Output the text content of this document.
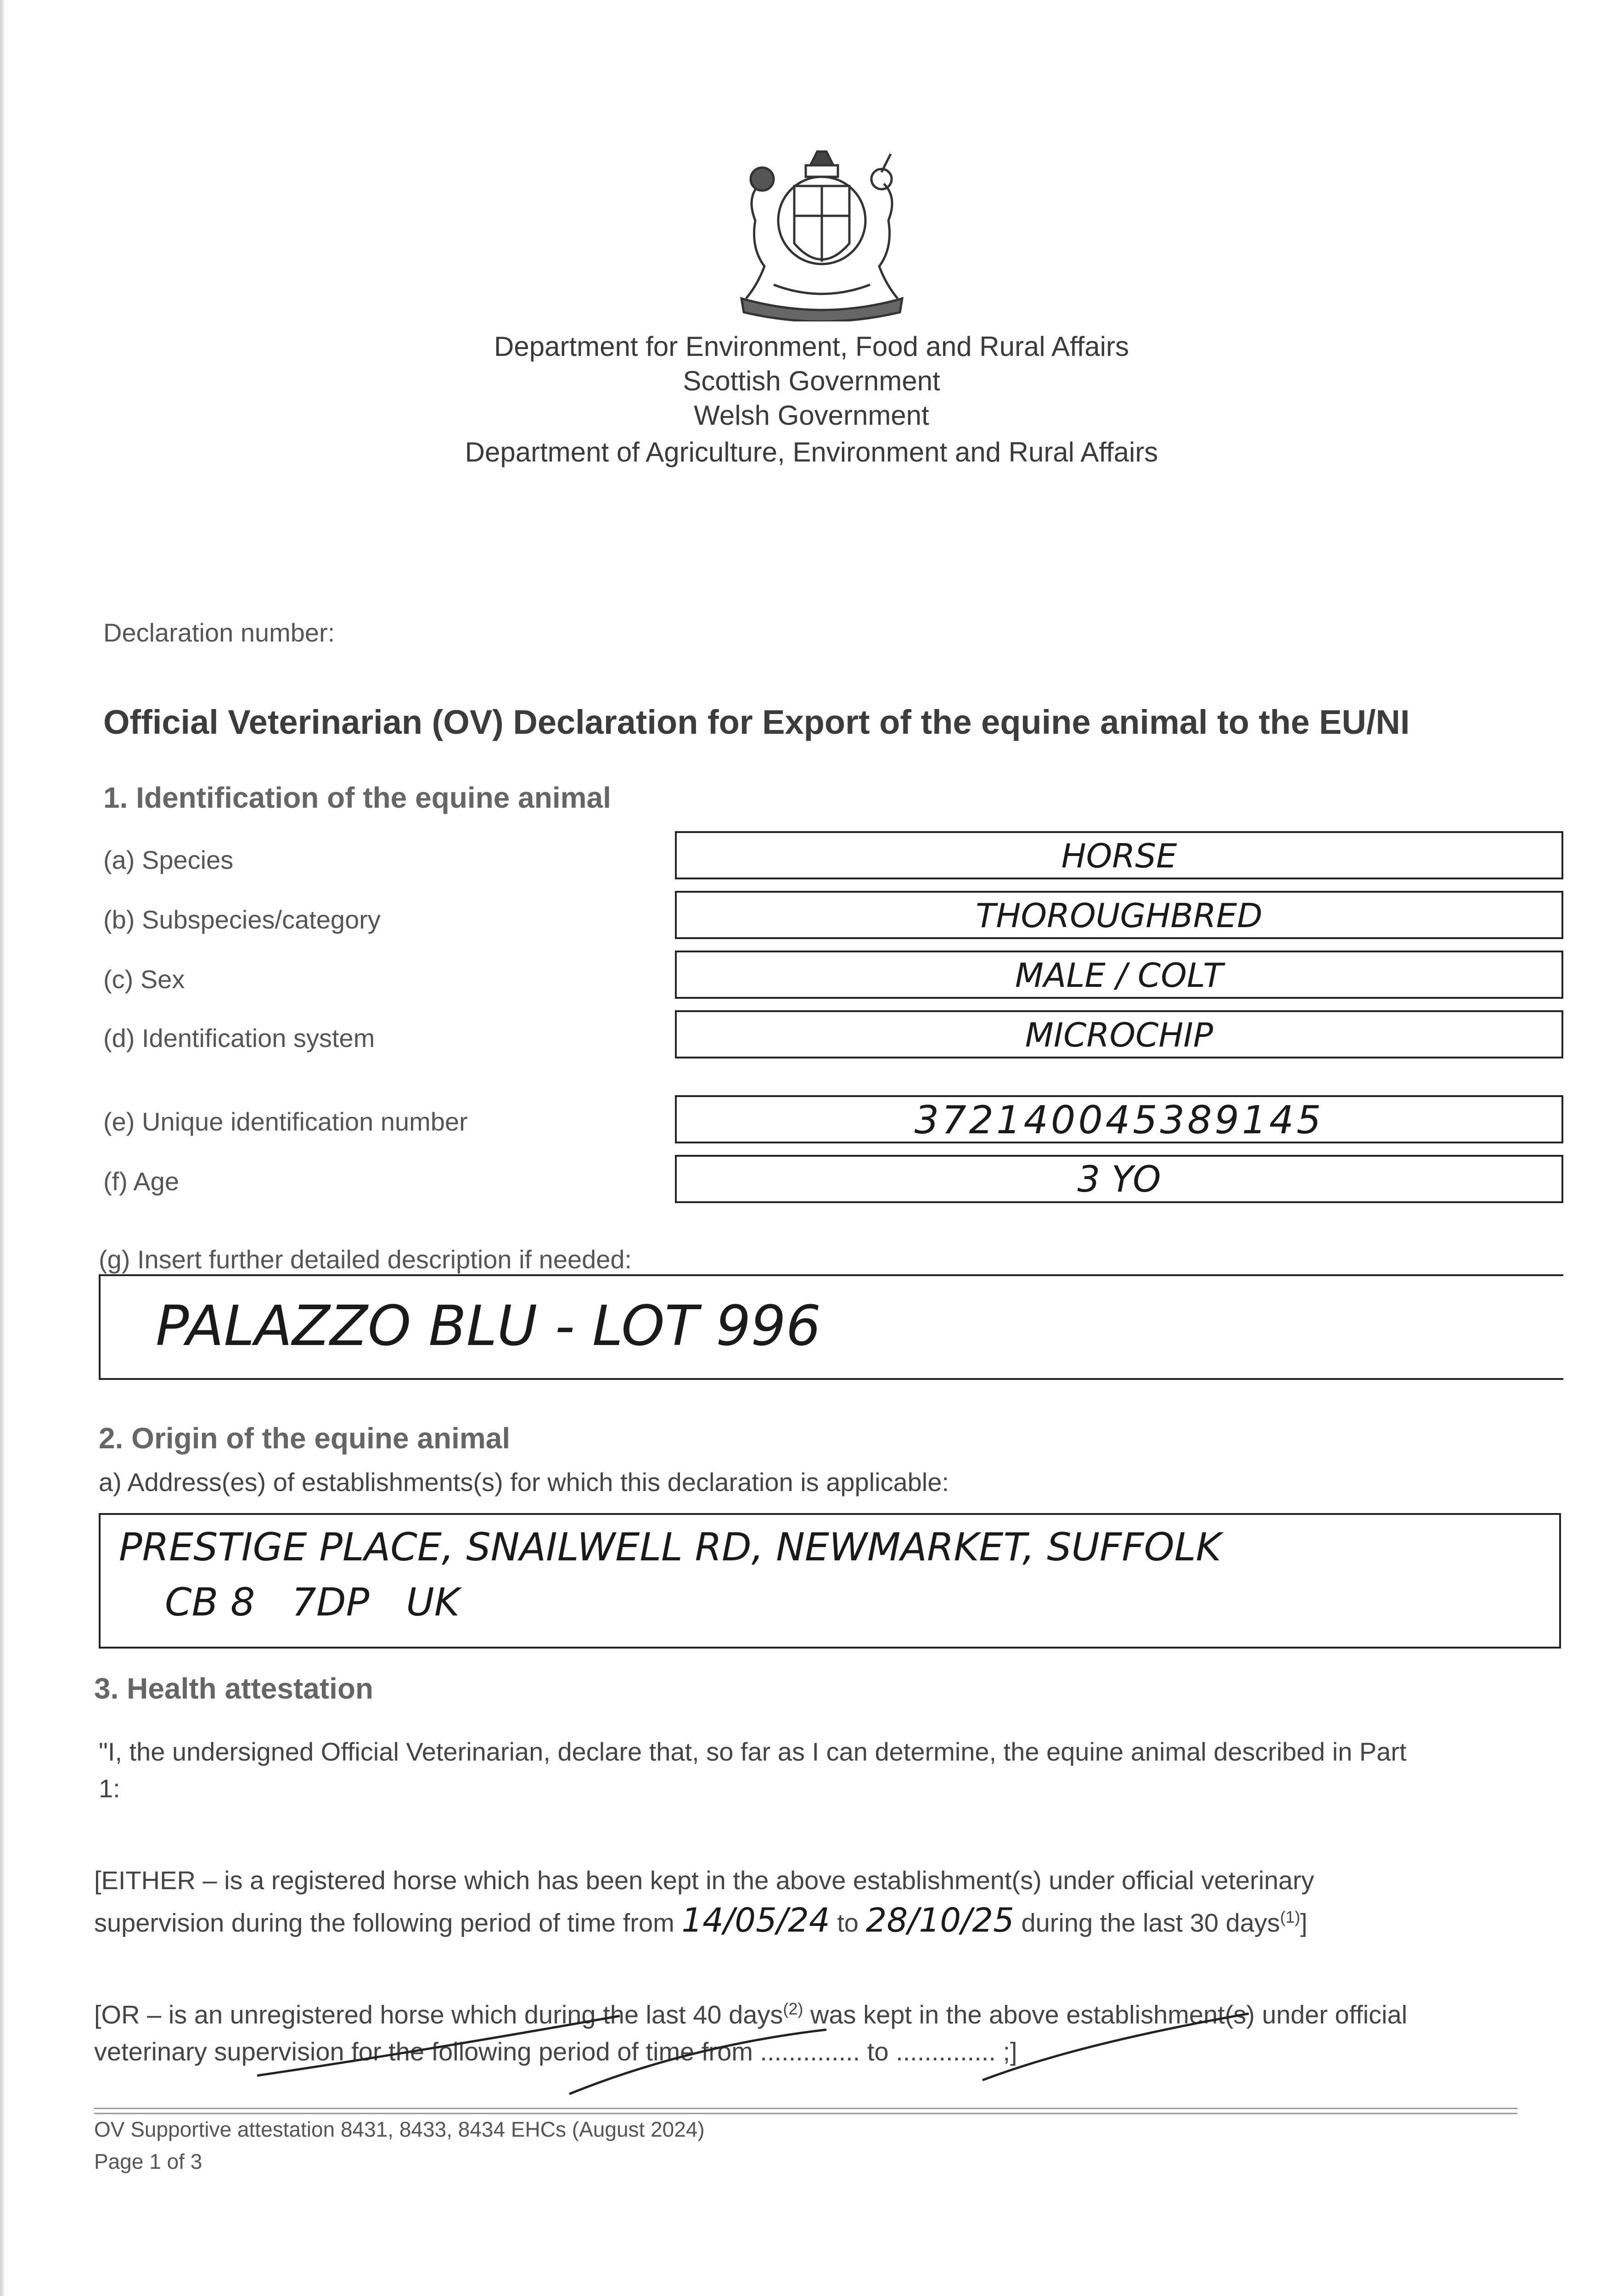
Department for Environment, Food and Rural Affairs
Scottish Government
Welsh Government
Department of Agriculture, Environment and Rural Affairs
Declaration number:
Official Veterinarian (OV) Declaration for Export of the equine animal to the EU/NI
1. Identification of the equine animal
(a) Species	HORSE
(b) Subspecies/category	THOROUGHBRED
(c) Sex	MALE / COLT
(d) Identification system	MICROCHIP
(e) Unique identification number	372140045389145
(f) Age	3 YO
(g) Insert further detailed description if needed:
PALAZZO BLU - LOT 996
2. Origin of the equine animal
a) Address(es) of establishments(s) for which this declaration is applicable:
PRESTIGE PLACE, SNAILWELL RD, NEWMARKET, SUFFOLK
CB 8   7DP   UK
3. Health attestation
"I, the undersigned Official Veterinarian, declare that, so far as I can determine, the equine animal described in Part
1:
[EITHER – is a registered horse which has been kept in the above establishment(s) under official veterinary
supervision during the following period of time from 14/05/24 to 28/10/25 during the last 30 days$^{(1)}$]
[OR – is an unregistered horse which during the last 40 days$^{(2)}$ was kept in the above establishment(s) under official
veterinary supervision for the following period of time from .............. to .............. ;]
OV Supportive attestation 8431, 8433, 8434 EHCs (August 2024)
Page 1 of 3
